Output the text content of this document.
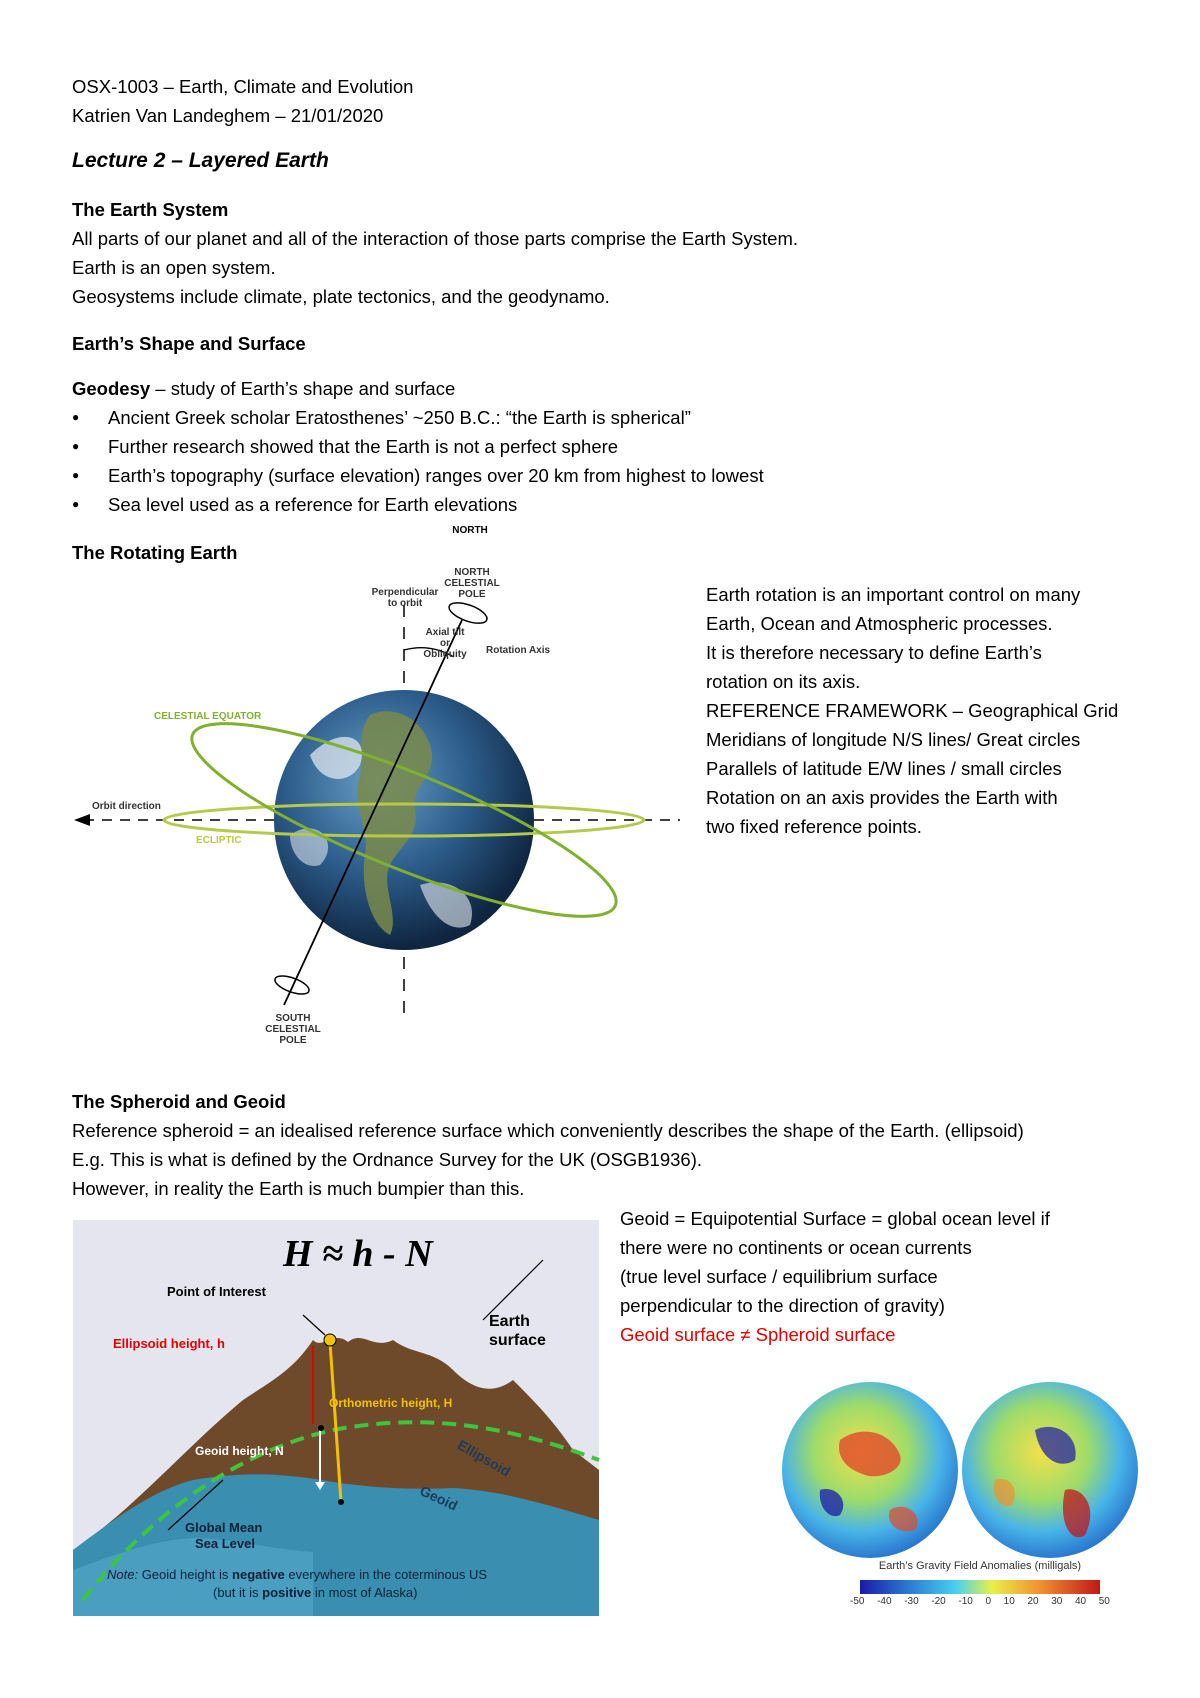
OSX-1003 – Earth, Climate and Evolution
Katrien Van Landeghem – 21/01/2020
Lecture 2 – Layered Earth
The Earth System
All parts of our planet and all of the interaction of those parts comprise the Earth System.
Earth is an open system.
Geosystems include climate, plate tectonics, and the geodynamo.
Earth’s Shape and Surface
Geodesy – study of Earth’s shape and surface
● Ancient Greek scholar Eratosthenes’ ~250 B.C.: “the Earth is spherical”
● Further research showed that the Earth is not a perfect sphere
● Earth’s topography (surface elevation) ranges over 20 km from highest to lowest
● Sea level used as a reference for Earth elevations
The Rotating Earth
NORTH
NORTH
CELESTIAL
POLE
Perpendicular
to orbit
Axial tilt
or
Obliquity	Rotation Axis
CELESTIAL EQUATOR
Orbit direction
ECLIPTIC
SOUTH
CELESTIAL
POLE
Earth rotation is an important control on many
Earth, Ocean and Atmospheric processes.
It is therefore necessary to define Earth’s
rotation on its axis.
REFERENCE FRAMEWORK – Geographical Grid
Meridians of longitude N/S lines/ Great circles
Parallels of latitude E/W lines / small circles
Rotation on an axis provides the Earth with
two fixed reference points.
The Spheroid and Geoid
Reference spheroid = an idealised reference surface which conveniently describes the shape of the Earth. (ellipsoid)
E.g. This is what is defined by the Ordnance Survey for the UK (OSGB1936).
However, in reality the Earth is much bumpier than this.
H ≈ h - N
Point of Interest
Ellipsoid height, h
Earth
surface
Orthometric height, H
Geoid height, N	Ellipsoid
Geoid
Global Mean
Sea Level
Note: Geoid height is negative everywhere in the coterminous US
(but it is positive in most of Alaska)
Geoid = Equipotential Surface = global ocean level if
there were no continents or ocean currents
(true level surface / equilibrium surface
perpendicular to the direction of gravity)
Geoid surface ≠ Spheroid surface
Earth’s Gravity Field Anomalies (milligals)
-50 -40 -30 -20 -10 0 10 20 30 40 50
